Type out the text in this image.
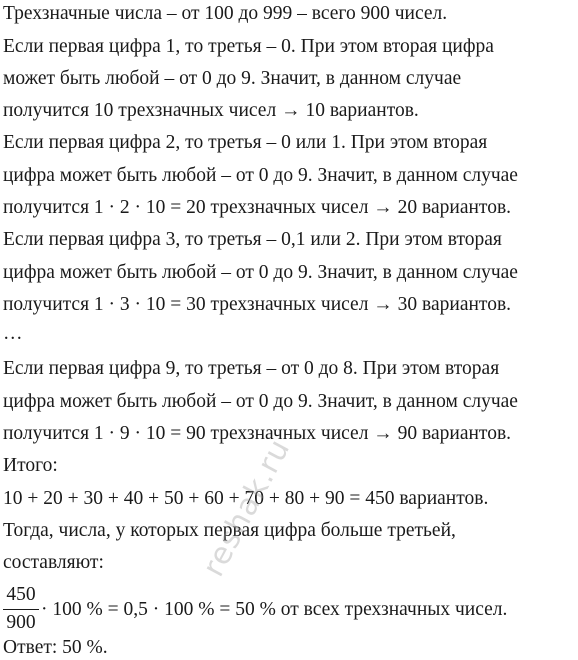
Трехзначные числа – от 100 до 999 – всего 900 чисел.
Если первая цифра 1, то третья – 0. При этом вторая цифра
может быть любой – от 0 до 9. Значит, в данном случае
получится 10 трехзначных чисел → 10 вариантов.
Если первая цифра 2, то третья – 0 или 1. При этом вторая
цифра может быть любой – от 0 до 9. Значит, в данном случае
получится 1 · 2 · 10 = 20 трехзначных чисел → 20 вариантов.
Если первая цифра 3, то третья – 0,1 или 2. При этом вторая
цифра может быть любой – от 0 до 9. Значит, в данном случае
получится 1 · 3 · 10 = 30 трехзначных чисел → 30 вариантов.
…
Если первая цифра 9, то третья – от 0 до 8. При этом вторая
цифра может быть любой – от 0 до 9. Значит, в данном случае
получится 1 · 9 · 10 = 90 трехзначных чисел → 90 вариантов.
Итого:
10 + 20 + 30 + 40 + 50 + 60 + 70 + 80 + 90 = 450 вариантов.
Тогда, числа, у которых первая цифра больше третьей,
составляют:
450
900
· 100 % = 0,5 · 100 % = 50 % от всех трехзначных чисел.
Ответ: 50 %.
reshak.ru
